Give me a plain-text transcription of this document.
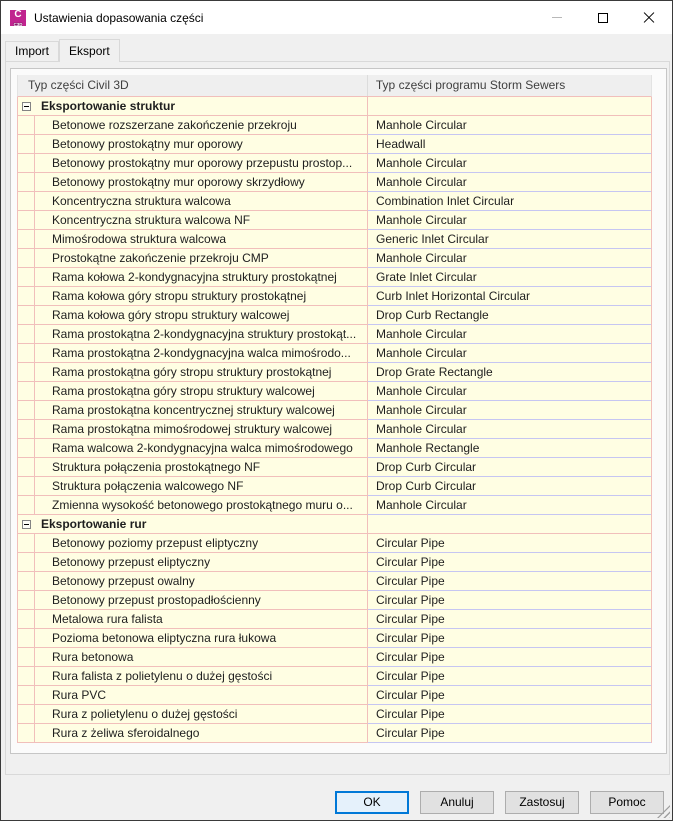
C
C3D Ustawienia dopasowania części
Import	Eksport
Typ części Civil 3D	Typ części programu Storm Sewers
Eksportowanie struktur
Betonowe rozszerzane zakończenie przekroju	Manhole Circular
Betonowy prostokątny mur oporowy	Headwall
Betonowy prostokątny mur oporowy przepustu prostop...	Manhole Circular
Betonowy prostokątny mur oporowy skrzydłowy	Manhole Circular
Koncentryczna struktura walcowa	Combination Inlet Circular
Koncentryczna struktura walcowa NF	Manhole Circular
Mimośrodowa struktura walcowa	Generic Inlet Circular
Prostokątne zakończenie przekroju CMP	Manhole Circular
Rama kołowa 2-kondygnacyjna struktury prostokątnej	Grate Inlet Circular
Rama kołowa góry stropu struktury prostokątnej	Curb Inlet Horizontal Circular
Rama kołowa góry stropu struktury walcowej	Drop Curb Rectangle
Rama prostokątna 2-kondygnacyjna struktury prostokąt...	Manhole Circular
Rama prostokątna 2-kondygnacyjna walca mimośrodo...	Manhole Circular
Rama prostokątna góry stropu struktury prostokątnej	Drop Grate Rectangle
Rama prostokątna góry stropu struktury walcowej	Manhole Circular
Rama prostokątna koncentrycznej struktury walcowej	Manhole Circular
Rama prostokątna mimośrodowej struktury walcowej	Manhole Circular
Rama walcowa 2-kondygnacyjna walca mimośrodowego	Manhole Rectangle
Struktura połączenia prostokątnego NF	Drop Curb Circular
Struktura połączenia walcowego NF	Drop Curb Circular
Zmienna wysokość betonowego prostokątnego muru o...	Manhole Circular
Eksportowanie rur
Betonowy poziomy przepust eliptyczny	Circular Pipe
Betonowy przepust eliptyczny	Circular Pipe
Betonowy przepust owalny	Circular Pipe
Betonowy przepust prostopadłościenny	Circular Pipe
Metalowa rura falista	Circular Pipe
Pozioma betonowa eliptyczna rura łukowa	Circular Pipe
Rura betonowa	Circular Pipe
Rura falista z polietylenu o dużej gęstości	Circular Pipe
Rura PVC	Circular Pipe
Rura z polietylenu o dużej gęstości	Circular Pipe
Rura z żeliwa sferoidalnego	Circular Pipe
OK	Anuluj	Zastosuj	Pomoc
